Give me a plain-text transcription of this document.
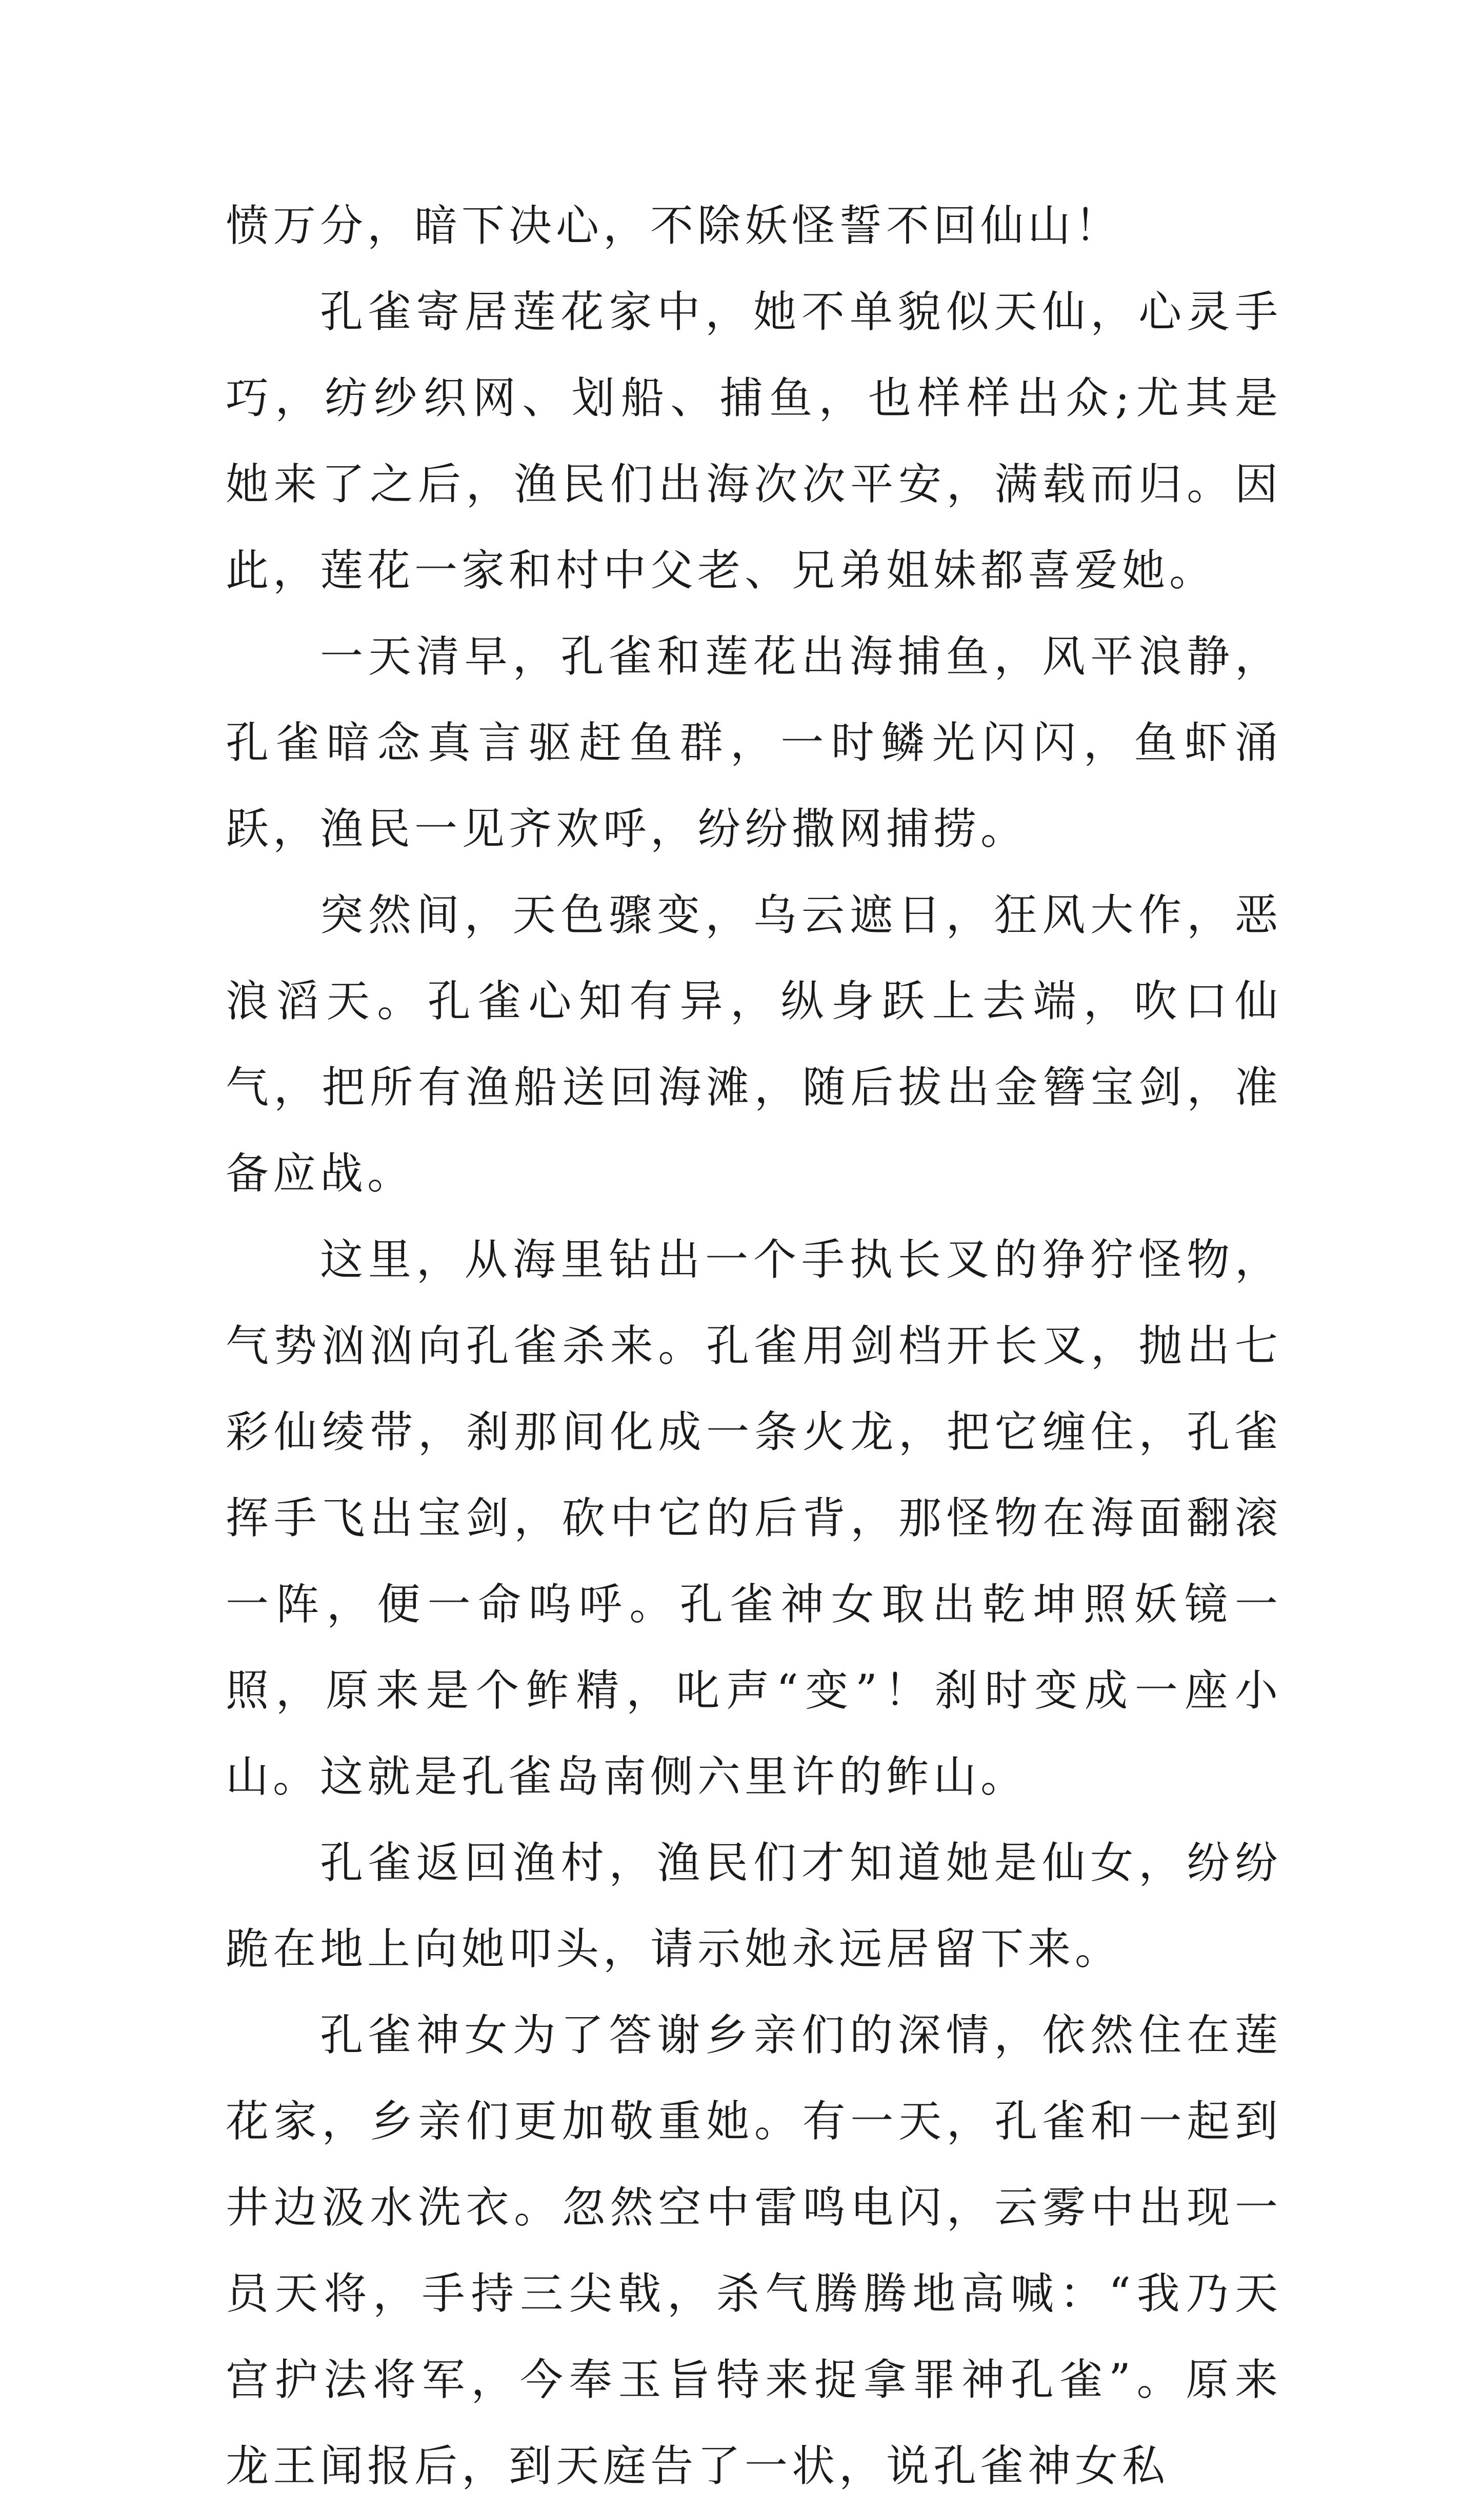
愤万分，暗下决心，不除妖怪誓不回仙山！

孔雀寄居莲花家中，她不单貌似天仙，心灵手巧，纺纱织网、划船、捕鱼，也样样出众;尤其是她来了之后，渔民们出海次次平安，满载而归。因此，莲花一家和村中父老、兄弟姐妹都喜爱她。

一天清早，孔雀和莲花出海捕鱼，风平浪静，孔雀暗念真言驱赶鱼群，一时鳞光闪闪，鱼虾涌跃，渔民一见齐欢呼，纷纷撒网捕捞。

突然间，天色骤变，乌云遮日，狂风大作，恶浪滔天。孔雀心知有异，纵身跃上去端，吹口仙气，把所有渔船送回海滩，随后拔出金簪宝剑，准备应战。

这里，从海里钻出一个手执长叉的狰狞怪物，气势汹汹向孔雀杀来。孔雀用剑档开长叉，抛出七彩仙绫带，刹那间化成一条火龙，把它缠住，孔雀挥手飞出宝剑，砍中它的后背，那怪物在海面翻滚一阵，便一命呜呼。孔雀神女取出乾坤照妖镜一照，原来是个鲊精，叱声“变”！刹时变成一座小山。这就是孔雀岛南侧六里许的鲊山。

孔雀返回渔村，渔民们才知道她是仙女，纷纷跪在地上向她叩头，请示她永远居留下来。

孔雀神女为了答谢乡亲们的深情，依然住在莲花家，乡亲们更加敬重她。有一天，孔雀和一起到井边汲水洗衣。忽然空中雷鸣电闪，云雾中出现一员天将，手持三尖戟，杀气腾腾地高喊：“我乃天宫护法将军，今奉玉旨特来捉拿罪神孔雀”。原来龙王闻报后，到天庭告了一状，说孔雀神女私
